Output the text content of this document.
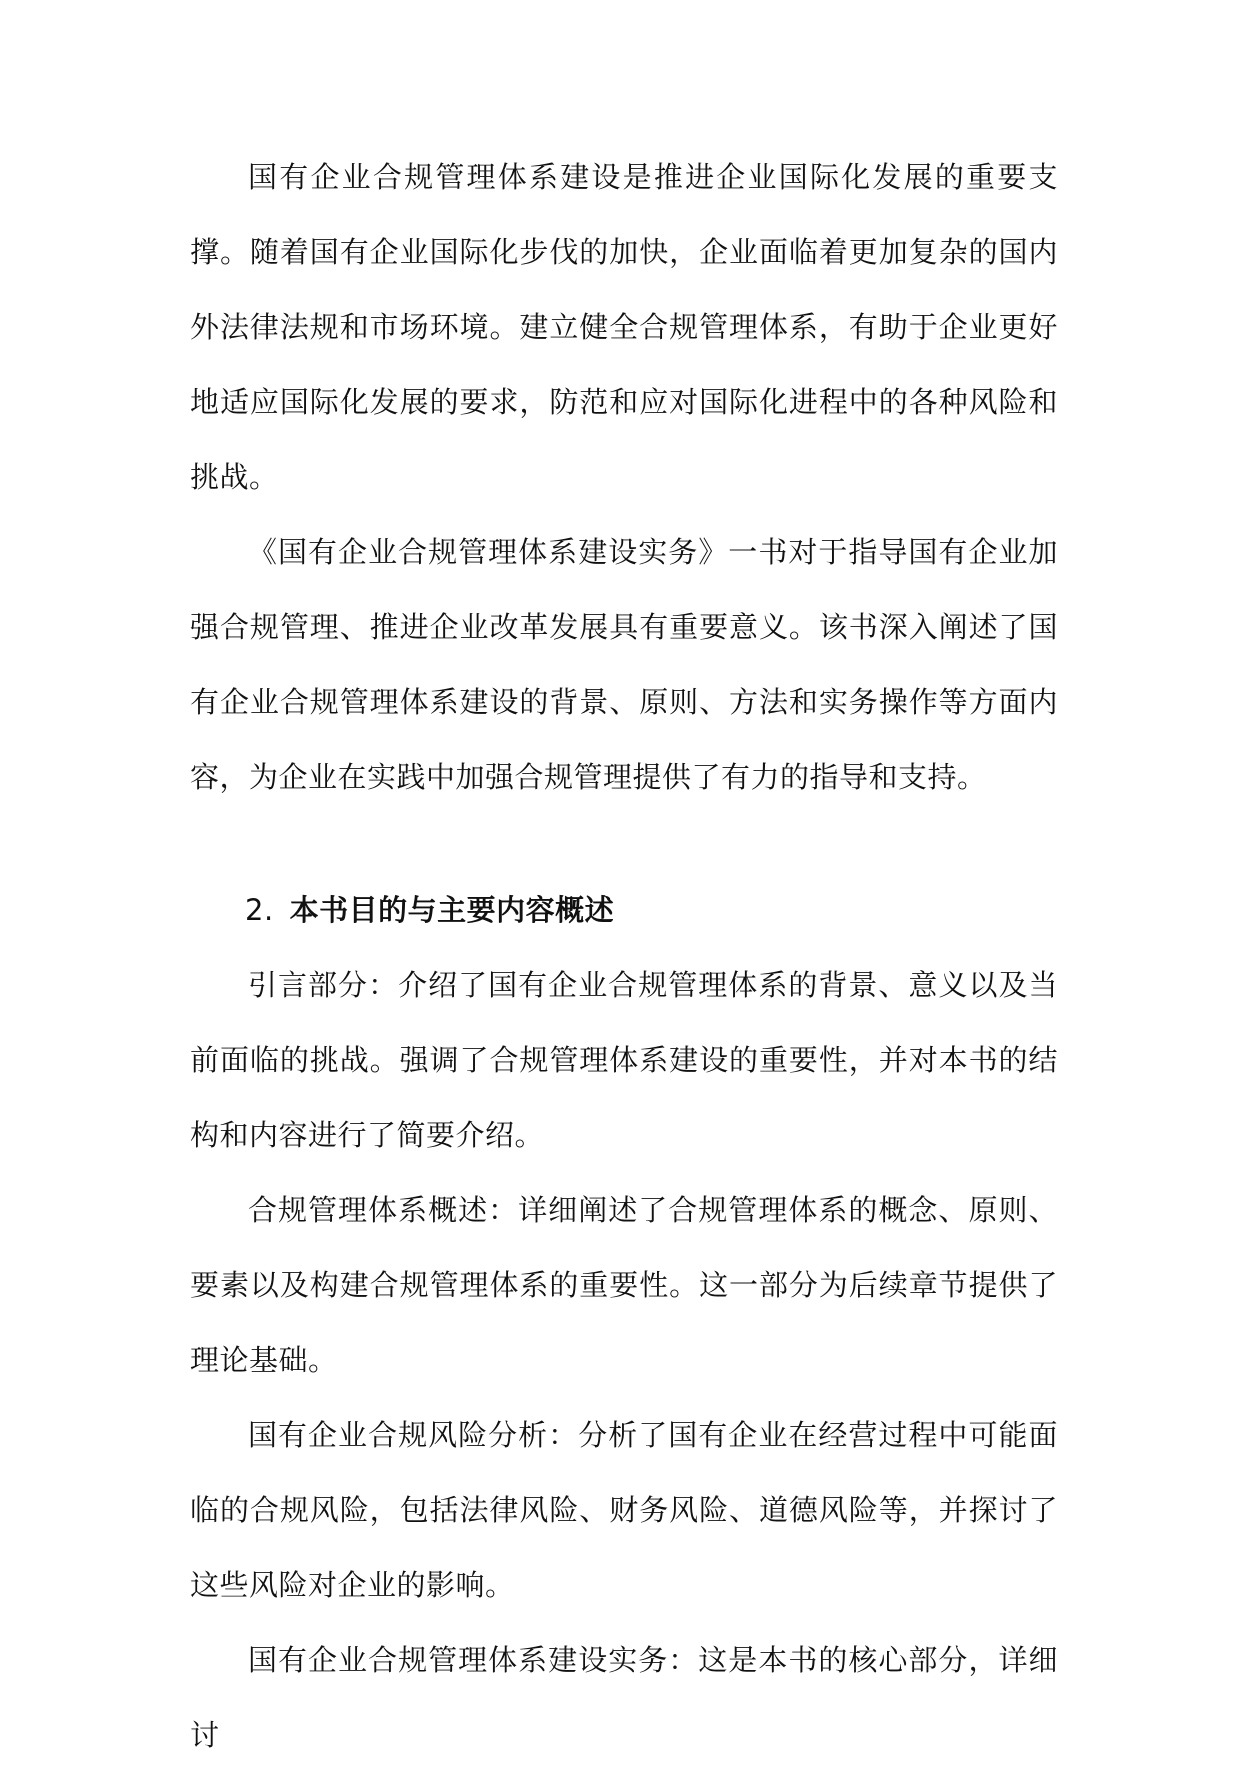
国有企业合规管理体系建设是推进企业国际化发展的重要支撑。随着国有企业国际化步伐的加快，企业面临着更加复杂的国内外法律法规和市场环境。建立健全合规管理体系，有助于企业更好地适应国际化发展的要求，防范和应对国际化进程中的各种风险和挑战。

《国有企业合规管理体系建设实务》一书对于指导国有企业加强合规管理、推进企业改革发展具有重要意义。该书深入阐述了国有企业合规管理体系建设的背景、原则、方法和实务操作等方面内容，为企业在实践中加强合规管理提供了有力的指导和支持。

2. 本书目的与主要内容概述

引言部分：介绍了国有企业合规管理体系的背景、意义以及当前面临的挑战。强调了合规管理体系建设的重要性，并对本书的结构和内容进行了简要介绍。

合规管理体系概述：详细阐述了合规管理体系的概念、原则、要素以及构建合规管理体系的重要性。这一部分为后续章节提供了理论基础。

国有企业合规风险分析：分析了国有企业在经营过程中可能面临的合规风险，包括法律风险、财务风险、道德风险等，并探讨了这些风险对企业的影响。

国有企业合规管理体系建设实务：这是本书的核心部分，详细讨
